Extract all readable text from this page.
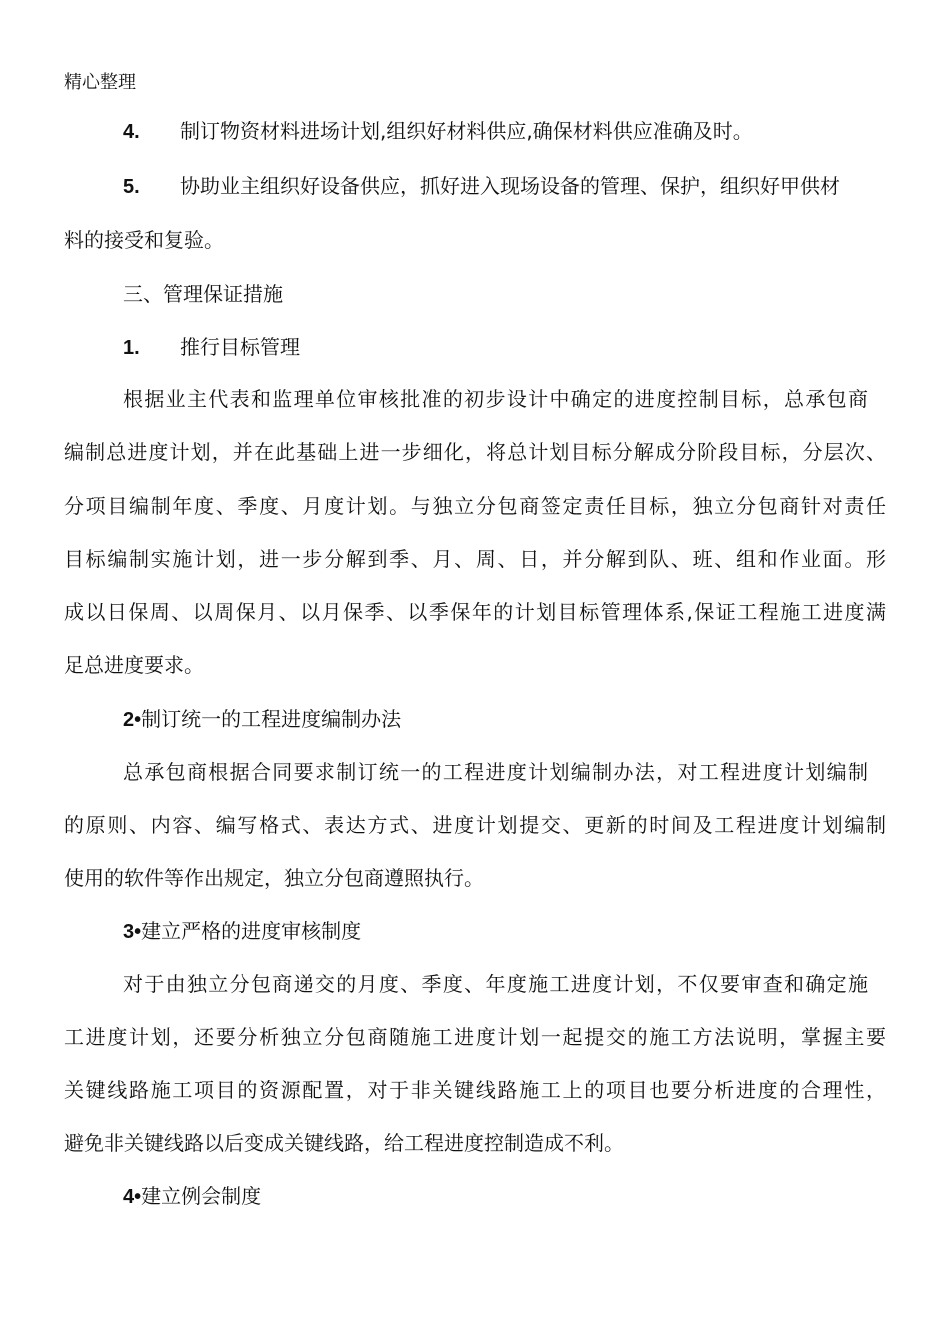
精心整理
4. 制订物资材料进场计划,组织好材料供应,确保材料供应准确及时。
5. 协助业主组织好设备供应，抓好进入现场设备的管理、保护，组织好甲供材
料的接受和复验。
三、管理保证措施
1. 推行目标管理
根据业主代表和监理单位审核批准的初步设计中确定的进度控制目标，总承包商
编制总进度计划，并在此基础上进一步细化，将总计划目标分解成分阶段目标，分层次、
分项目编制年度、季度、月度计划。与独立分包商签定责任目标，独立分包商针对责任
目标编制实施计划，进一步分解到季、月、周、日，并分解到队、班、组和作业面。形
成以日保周、以周保月、以月保季、以季保年的计划目标管理体系,保证工程施工进度满
足总进度要求。
2•制订统一的工程进度编制办法
总承包商根据合同要求制订统一的工程进度计划编制办法，对工程进度计划编制
的原则、内容、编写格式、表达方式、进度计划提交、更新的时间及工程进度计划编制
使用的软件等作出规定，独立分包商遵照执行。
3•建立严格的进度审核制度
对于由独立分包商递交的月度、季度、年度施工进度计划，不仅要审查和确定施
工进度计划，还要分析独立分包商随施工进度计划一起提交的施工方法说明，掌握主要
关键线路施工项目的资源配置，对于非关键线路施工上的项目也要分析进度的合理性，
避免非关键线路以后变成关键线路，给工程进度控制造成不利。
4•建立例会制度
